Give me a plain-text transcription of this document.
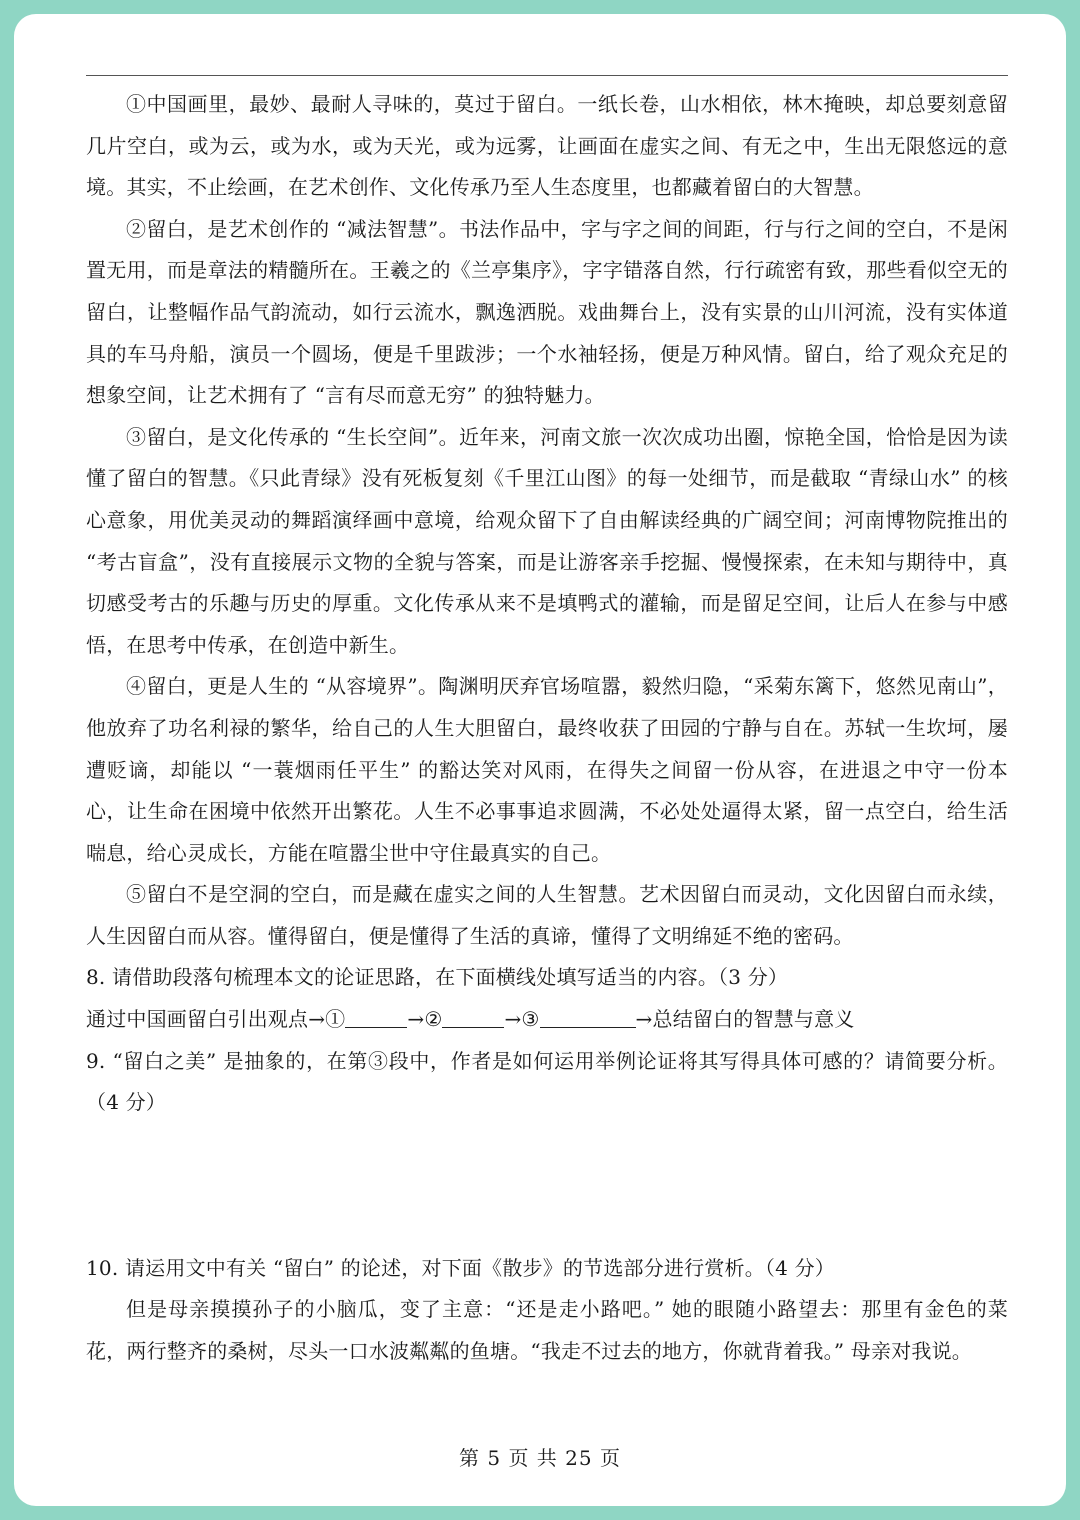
①中国画里，最妙、最耐人寻味的，莫过于留白。一纸长卷，山水相依，林木掩映，却总要刻意留几片空白，或为云，或为水，或为天光，或为远雾，让画面在虚实之间、有无之中，生出无限悠远的意境。其实，不止绘画，在艺术创作、文化传承乃至人生态度里，也都藏着留白的大智慧。

②留白，是艺术创作的 “减法智慧”。书法作品中，字与字之间的间距，行与行之间的空白，不是闲置无用，而是章法的精髓所在。王羲之的《兰亭集序》，字字错落自然，行行疏密有致，那些看似空无的留白，让整幅作品气韵流动，如行云流水，飘逸洒脱。戏曲舞台上，没有实景的山川河流，没有实体道具的车马舟船，演员一个圆场，便是千里跋涉；一个水袖轻扬，便是万种风情。留白，给了观众充足的想象空间，让艺术拥有了 “言有尽而意无穷” 的独特魅力。

③留白，是文化传承的 “生长空间”。近年来，河南文旅一次次成功出圈，惊艳全国，恰恰是因为读懂了留白的智慧。《只此青绿》没有死板复刻《千里江山图》的每一处细节，而是截取 “青绿山水” 的核心意象，用优美灵动的舞蹈演绎画中意境，给观众留下了自由解读经典的广阔空间；河南博物院推出的 “考古盲盒”，没有直接展示文物的全貌与答案，而是让游客亲手挖掘、慢慢探索，在未知与期待中，真切感受考古的乐趣与历史的厚重。文化传承从来不是填鸭式的灌输，而是留足空间，让后人在参与中感悟，在思考中传承，在创造中新生。

④留白，更是人生的 “从容境界”。陶渊明厌弃官场喧嚣，毅然归隐，“采菊东篱下，悠然见南山”，他放弃了功名利禄的繁华，给自己的人生大胆留白，最终收获了田园的宁静与自在。苏轼一生坎坷，屡遭贬谪，却能以 “一蓑烟雨任平生” 的豁达笑对风雨，在得失之间留一份从容，在进退之中守一份本心，让生命在困境中依然开出繁花。人生不必事事追求圆满，不必处处逼得太紧，留一点空白，给生活喘息，给心灵成长，方能在喧嚣尘世中守住最真实的自己。

⑤留白不是空洞的空白，而是藏在虚实之间的人生智慧。艺术因留白而灵动，文化因留白而永续，人生因留白而从容。懂得留白，便是懂得了生活的真谛，懂得了文明绵延不绝的密码。

8. 请借助段落句梳理本文的论证思路，在下面横线处填写适当的内容。（3 分）

通过中国画留白引出观点→①	→②	→③	→总结留白的智慧与意义

9. “留白之美” 是抽象的，在第③段中，作者是如何运用举例论证将其写得具体可感的？请简要分析。（4 分）

10. 请运用文中有关 “留白” 的论述，对下面《散步》的节选部分进行赏析。（4 分）

但是母亲摸摸孙子的小脑瓜，变了主意：“还是走小路吧。” 她的眼随小路望去：那里有金色的菜花，两行整齐的桑树，尽头一口水波粼粼的鱼塘。“我走不过去的地方，你就背着我。” 母亲对我说。

第 5 页 共 25 页
